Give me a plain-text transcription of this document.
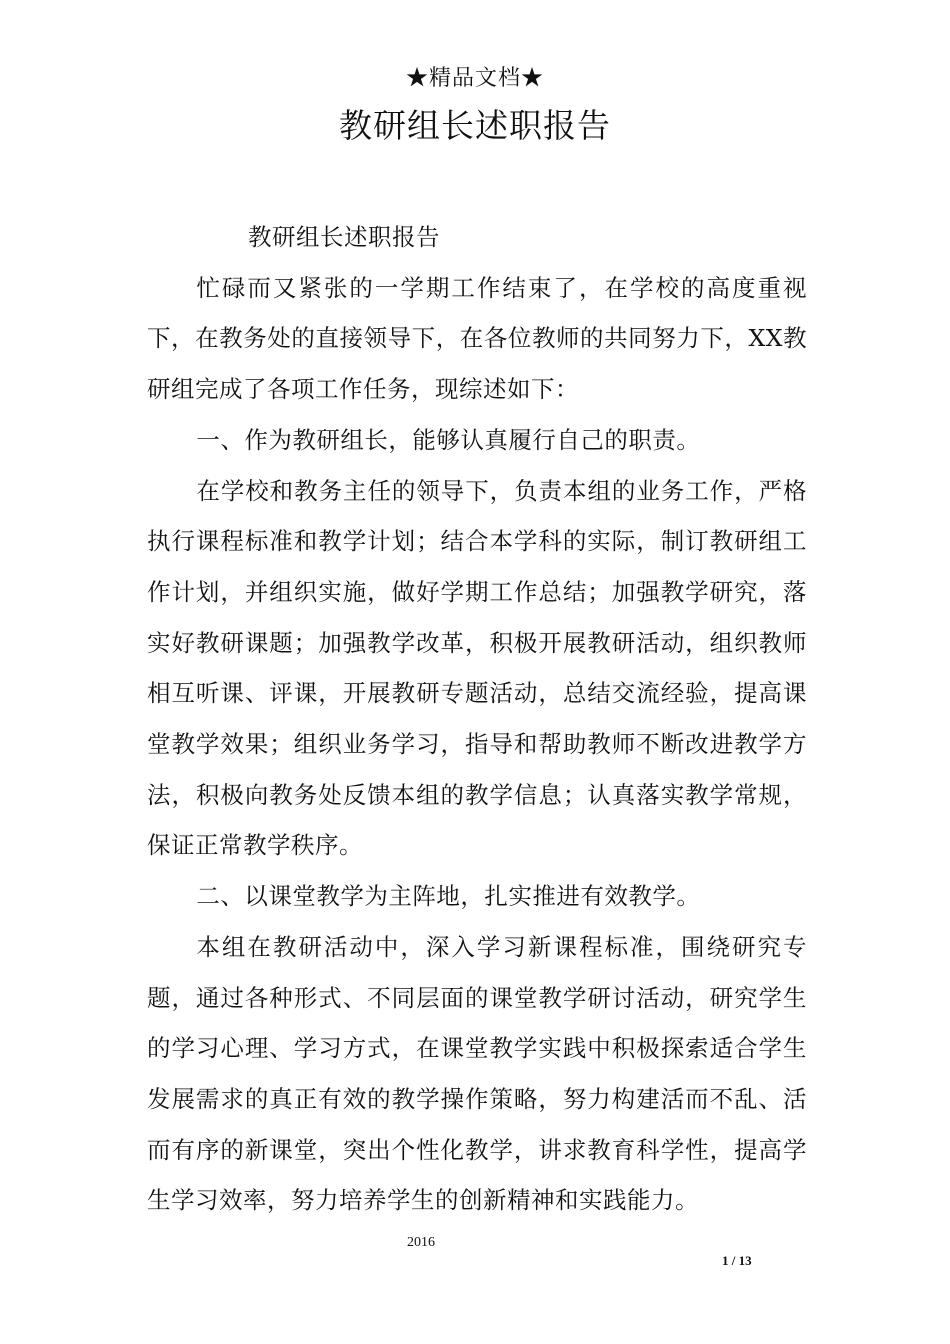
★精品文档★
教研组长述职报告

教研组长述职报告

忙碌而又紧张的一学期工作结束了，在学校的高度重视下，在教务处的直接领导下，在各位教师的共同努力下，XX教研组完成了各项工作任务，现综述如下：

一、作为教研组长，能够认真履行自己的职责。

在学校和教务主任的领导下，负责本组的业务工作，严格执行课程标准和教学计划；结合本学科的实际，制订教研组工作计划，并组织实施，做好学期工作总结；加强教学研究，落实好教研课题；加强教学改革，积极开展教研活动，组织教师相互听课、评课，开展教研专题活动，总结交流经验，提高课堂教学效果；组织业务学习，指导和帮助教师不断改进教学方法，积极向教务处反馈本组的教学信息；认真落实教学常规，保证正常教学秩序。

二、以课堂教学为主阵地，扎实推进有效教学。

本组在教研活动中，深入学习新课程标准，围绕研究专题，通过各种形式、不同层面的课堂教学研讨活动，研究学生的学习心理、学习方式，在课堂教学实践中积极探索适合学生发展需求的真正有效的教学操作策略，努力构建活而不乱、活而有序的新课堂，突出个性化教学，讲求教育科学性，提高学生学习效率，努力培养学生的创新精神和实践能力。

2016
1 / 13
